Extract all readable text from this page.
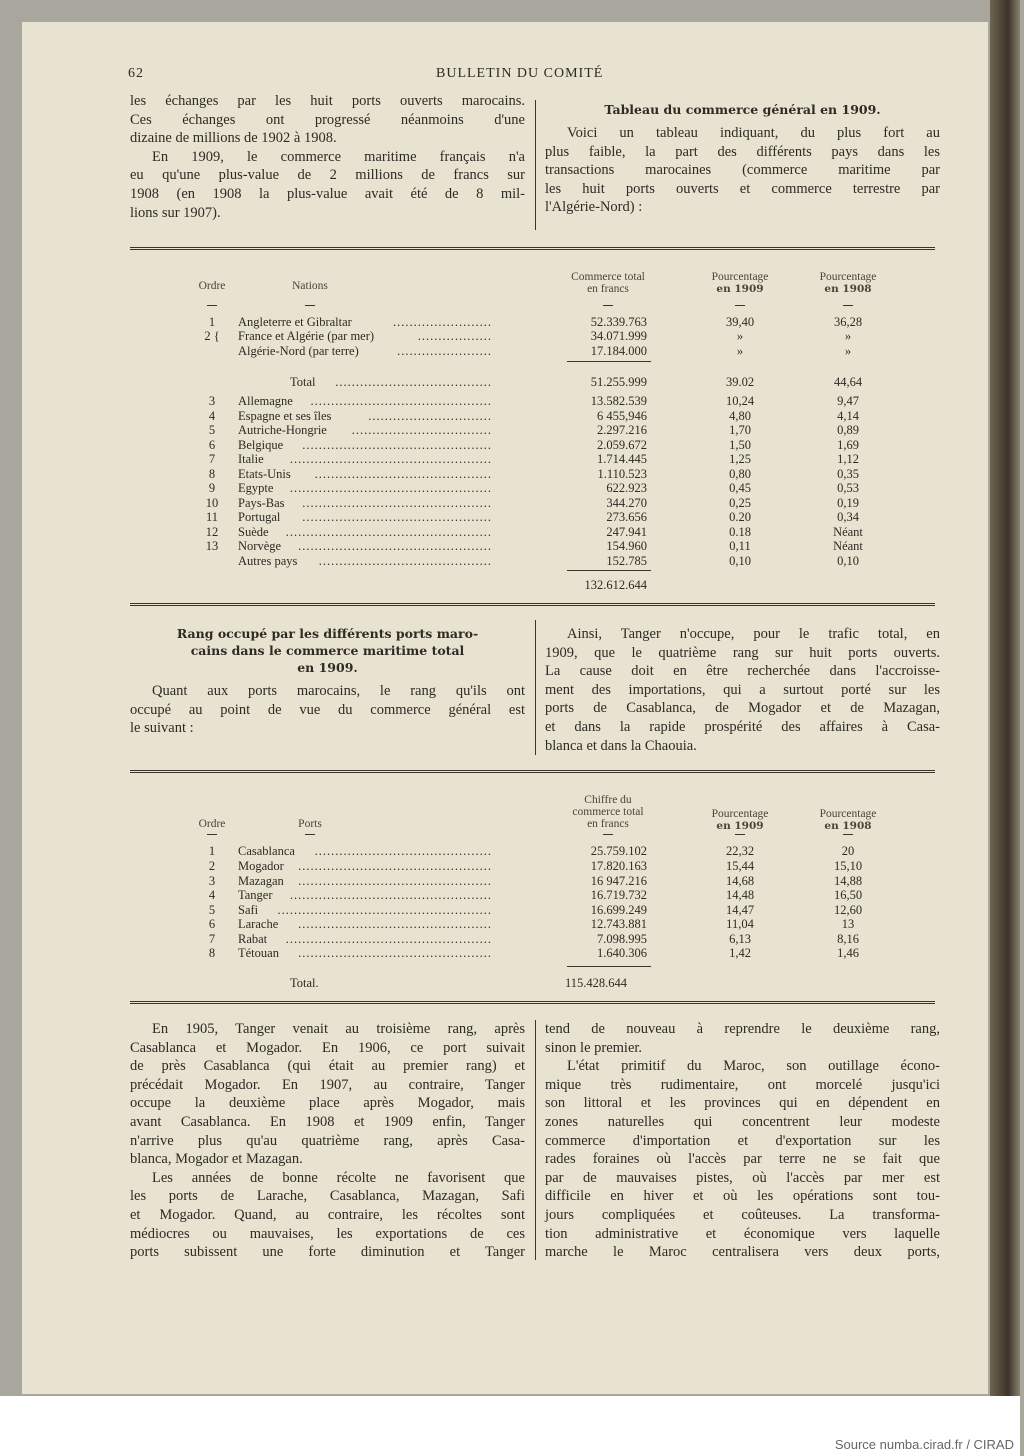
Source numba.cirad.fr / CIRAD
62	BULLETIN DU COMITÉ
les échanges par les huit ports ouverts marocains.
Ces échanges ont progressé néanmoins d'une
dizaine de millions de 1902 à 1908.
En 1909, le commerce maritime français n'a
eu qu'une plus-value de 2 millions de francs sur
1908 (en 1908 la plus-value avait été de 8 mil-
lions sur 1907).
Tableau du commerce général en 1909.
Voici un tableau indiquant, du plus fort au
plus faible, la part des différents pays dans les
transactions marocaines (commerce maritime par
les huit ports ouverts et commerce terrestre par
l'Algérie-Nord) :
Ordre	Nations

Commerce total
en francs

Pourcentage
en 1909

Pourcentage
en 1908

1	Angleterre et Gibraltar	........................	52.339.763	39,40	36,28
2 {	France et Algérie (par mer)	..................	34.071.999	»	»
Algérie-Nord (par terre)	.......................	17.184.000	»	»
Total	......................................	51.255.999	39.02	44,64
3	Allemagne	............................................	13.582.539	10,24	9,47
4	Espagne et ses îles	..............................	6 455,946	4,80	4,14
5	Autriche-Hongrie	..................................	2.297.216	1,70	0,89
6	Belgique	..............................................	2.059.672	1,50	1,69
7	Italie	.................................................	1.714.445	1,25	1,12
8	Etats-Unis	...........................................	1.110.523	0,80	0,35
9	Egypte	.................................................	622.923	0,45	0,53
10	Pays-Bas	..............................................	344.270	0,25	0,19
11	Portugal	..............................................	273.656	0.20	0,34
12	Suède	..................................................	247.941	0.18	Néant
13	Norvège	...............................................	154.960	0,11	Néant
Autres pays	..........................................	152.785	0,10	0,10
132.612.644
Rang occupé par les différents ports maro-
cains dans le commerce maritime total
en 1909.
Quant aux ports marocains, le rang qu'ils ont
occupé au point de vue du commerce général est
le suivant :
Ainsi, Tanger n'occupe, pour le trafic total, en
1909, que le quatrième rang sur huit ports ouverts.
La cause doit en être recherchée dans l'accroisse-
ment des importations, qui a surtout porté sur les
ports de Casablanca, de Mogador et de Mazagan,
et dans la rapide prospérité des affaires à Casa-
blanca et dans la Chaouia.
Ordre	Ports

Chiffre du
commerce total
en francs

Pourcentage
en 1909

Pourcentage
en 1908

1	Casablanca	...........................................	25.759.102	22,32	20
2	Mogador	...............................................	17.820.163	15,44	15,10
3	Mazagan	...............................................	16 947.216	14,68	14,88
4	Tanger	.................................................	16.719.732	14,48	16,50
5	Safi	....................................................	16.699.249	14,47	12,60
6	Larache	...............................................	12.743.881	11,04	13
7	Rabat	..................................................	7.098.995	6,13	8,16
8	Tétouan	...............................................	1.640.306	1,42	1,46
Total.	115.428.644
En 1905, Tanger venait au troisième rang, après
Casablanca et Mogador. En 1906, ce port suivait
de près Casablanca (qui était au premier rang) et
précédait Mogador. En 1907, au contraire, Tanger
occupe la deuxième place après Mogador, mais
avant Casablanca. En 1908 et 1909 enfin, Tanger
n'arrive plus qu'au quatrième rang, après Casa-
blanca, Mogador et Mazagan.
Les années de bonne récolte ne favorisent que
les ports de Larache, Casablanca, Mazagan, Safi
et Mogador. Quand, au contraire, les récoltes sont
médiocres ou mauvaises, les exportations de ces
ports subissent une forte diminution et Tanger
tend de nouveau à reprendre le deuxième rang,
sinon le premier.
L'état primitif du Maroc, son outillage écono-
mique très rudimentaire, ont morcelé jusqu'ici
son littoral et les provinces qui en dépendent en
zones naturelles qui concentrent leur modeste
commerce d'importation et d'exportation sur les
rades foraines où l'accès par terre ne se fait que
par de mauvaises pistes, où l'accès par mer est
difficile en hiver et où les opérations sont tou-
jours compliquées et coûteuses. La transforma-
tion administrative et économique vers laquelle
marche le Maroc centralisera vers deux ports,
